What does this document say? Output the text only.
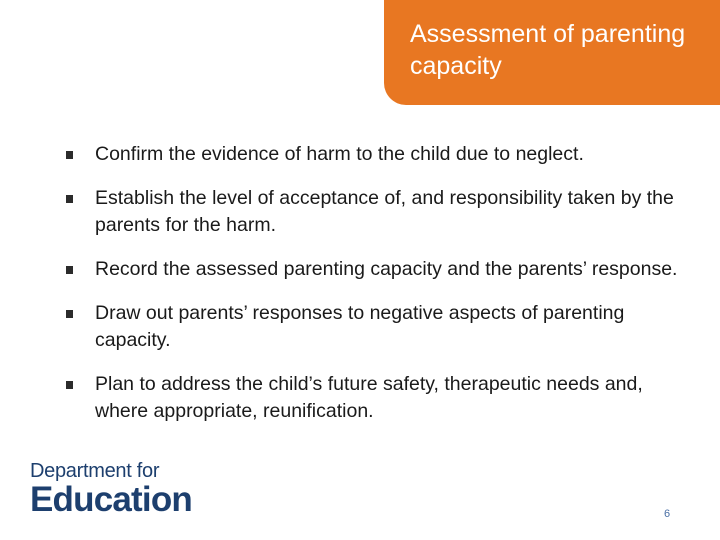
Assessment of parenting capacity
Confirm the evidence of harm to the child due to neglect.
Establish the level of acceptance of, and responsibility taken by the parents for the harm.
Record the assessed parenting capacity and the parents’ response.
Draw out parents’ responses to negative aspects of parenting capacity.
Plan to address the child’s future safety, therapeutic needs and, where appropriate, reunification.
Department for
Education	6
